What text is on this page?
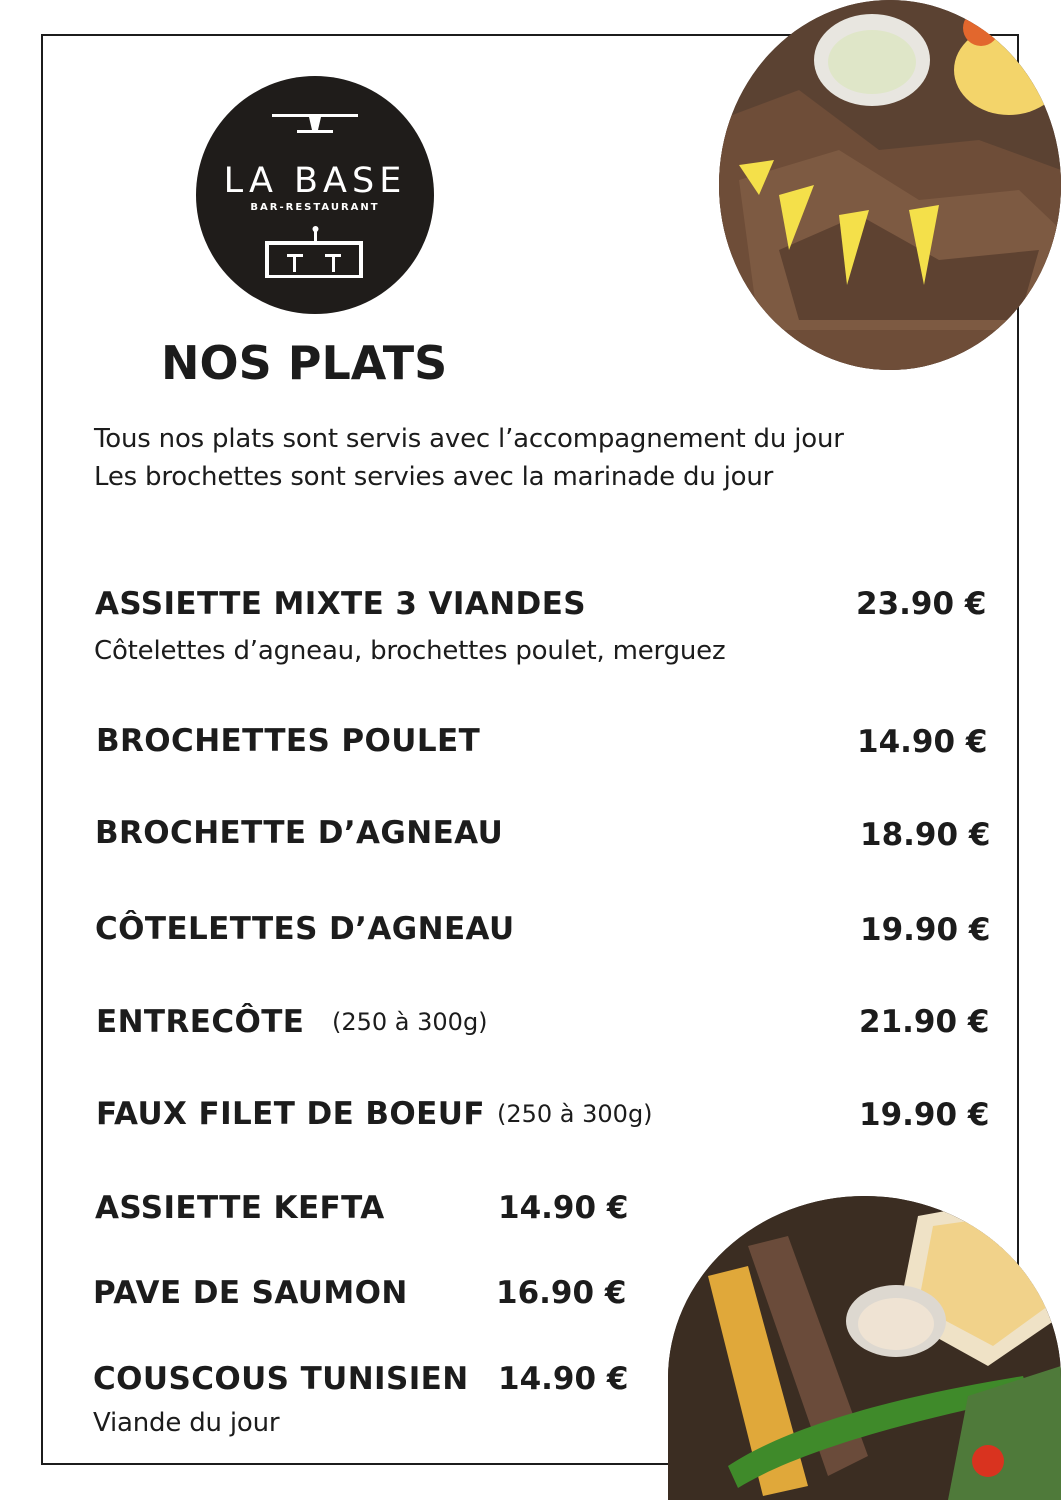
LA BASE
BAR-RESTAURANT
NOS PLATS
Tous nos plats sont servis avec l’accompagnement du jour
Les brochettes sont servies avec la marinade du jour
ASSIETTE MIXTE 3 VIANDES	23.90 €
Côtelettes d’agneau, brochettes poulet, merguez
BROCHETTES POULET	14.90 €
BROCHETTE D’AGNEAU	18.90 €
CÔTELETTES D’AGNEAU	19.90 €
ENTRECÔTE (250 à 300g)	21.90 €
FAUX FILET DE BOEUF (250 à 300g)	19.90 €
ASSIETTE KEFTA	14.90 €
PAVE DE SAUMON	16.90 €
COUSCOUS TUNISIEN 14.90 €
Viande du jour
